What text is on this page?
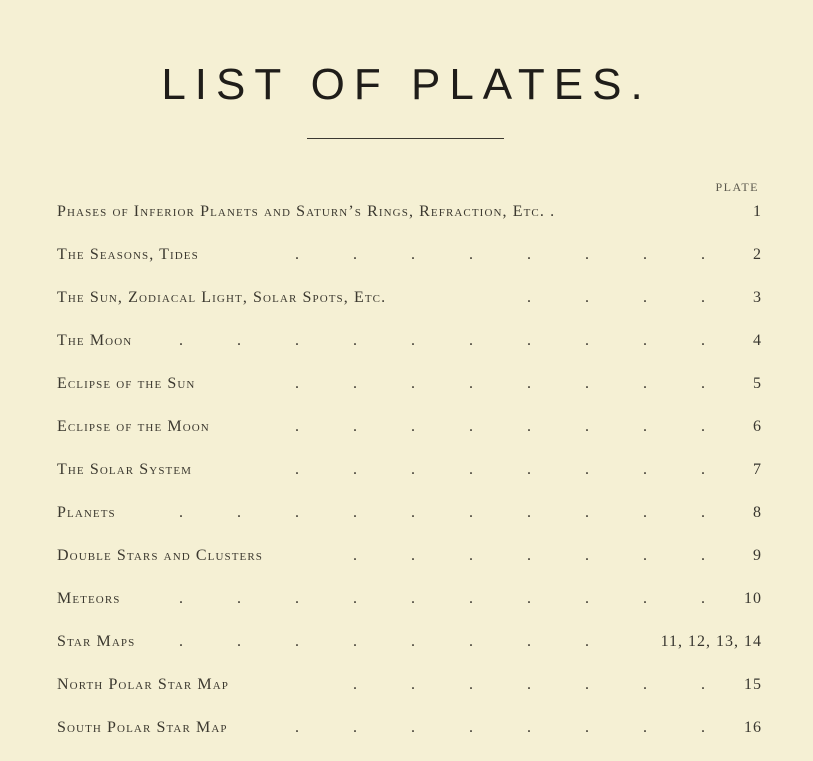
LIST OF PLATES.
PLATE
Phases of Inferior Planets and Saturn’s Rings, Refraction, Etc. .	1
The Seasons, Tides	.	.	.	.	.	.	.	.	2
The Sun, Zodiacal Light, Solar Spots, Etc.	.	.	.	.	3
The Moon	.	.	.	.	.	.	.	.	.	.	4
Eclipse of the Sun	.	.	.	.	.	.	.	.	5
Eclipse of the Moon	.	.	.	.	.	.	.	.	6
The Solar System	.	.	.	.	.	.	.	.	7
Planets	.	.	.	.	.	.	.	.	.	.	8
Double Stars and Clusters	.	.	.	.	.	.	.	9
Meteors	.	.	.	.	.	.	.	.	.	. 10
Star Maps	.	.	.	.	.	.	.	.	11, 12, 13, 14
North Polar Star Map	.	.	.	.	.	.	. 15
South Polar Star Map	.	.	.	.	.	.	.	. 16
